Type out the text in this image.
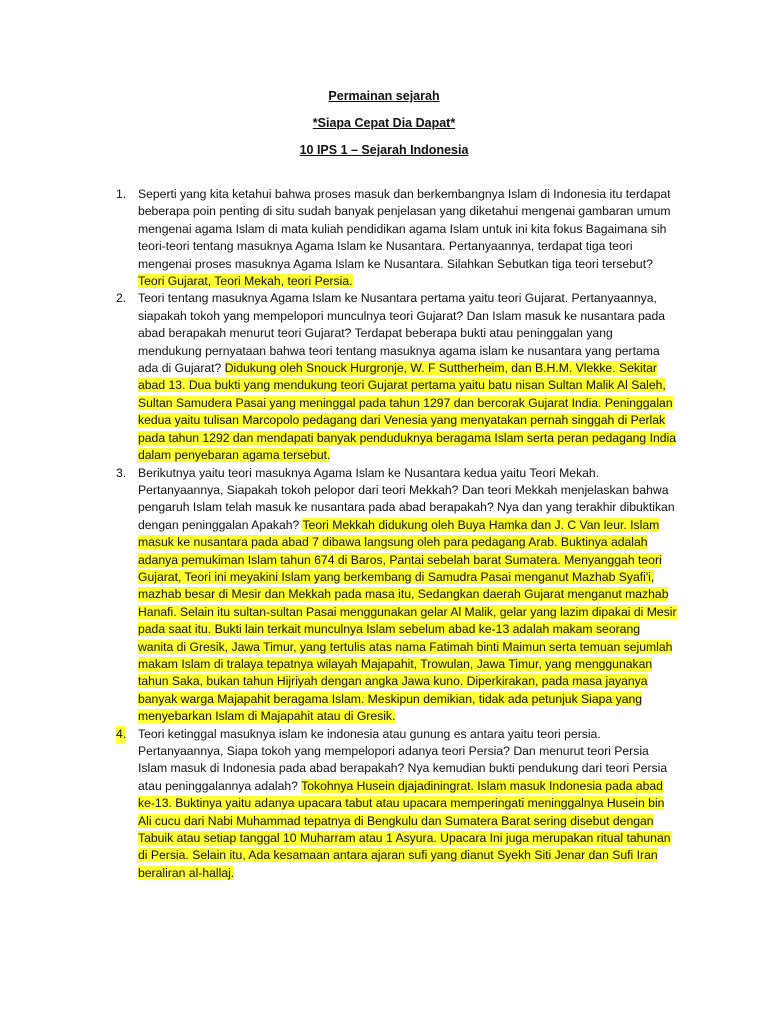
Permainan sejarah

*Siapa Cepat Dia Dapat*

10 IPS 1 – Sejarah Indonesia

1. Seperti yang kita ketahui bahwa proses masuk dan berkembangnya Islam di Indonesia itu terdapat beberapa poin penting di situ sudah banyak penjelasan yang diketahui mengenai gambaran umum mengenai agama Islam di mata kuliah pendidikan agama Islam untuk ini kita fokus Bagaimana sih teori-teori tentang masuknya Agama Islam ke Nusantara. Pertanyaannya, terdapat tiga teori mengenai proses masuknya Agama Islam ke Nusantara. Silahkan Sebutkan tiga teori tersebut? Teori Gujarat, Teori Mekah, teori Persia.
2. Teori tentang masuknya Agama Islam ke Nusantara pertama yaitu teori Gujarat. Pertanyaannya, siapakah tokoh yang mempelopori munculnya teori Gujarat? Dan Islam masuk ke nusantara pada abad berapakah menurut teori Gujarat? Terdapat beberapa bukti atau peninggalan yang mendukung pernyataan bahwa teori tentang masuknya agama islam ke nusantara yang pertama ada di Gujarat? Didukung oleh Snouck Hurgronje, W. F Suttherheim, dan B.H.M. Vlekke. Sekitar abad 13. Dua bukti yang mendukung teori Gujarat pertama yaitu batu nisan Sultan Malik Al Saleh, Sultan Samudera Pasai yang meninggal pada tahun 1297 dan bercorak Gujarat India. Peninggalan kedua yaitu tulisan Marcopolo pedagang dari Venesia yang menyatakan pernah singgah di Perlak pada tahun 1292 dan mendapati banyak penduduknya beragama Islam serta peran pedagang India dalam penyebaran agama tersebut.
3. Berikutnya yaitu teori masuknya Agama Islam ke Nusantara kedua yaitu Teori Mekah. Pertanyaannya, Siapakah tokoh pelopor dari teori Mekkah? Dan teori Mekkah menjelaskan bahwa pengaruh Islam telah masuk ke nusantara pada abad berapakah? Nya dan yang terakhir dibuktikan dengan peninggalan Apakah? Teori Mekkah didukung oleh Buya Hamka dan J. C Van leur. Islam masuk ke nusantara pada abad 7 dibawa langsung oleh para pedagang Arab. Buktinya adalah adanya pemukiman Islam tahun 674 di Baros, Pantai sebelah barat Sumatera. Menyanggah teori Gujarat, Teori ini meyakini Islam yang berkembang di Samudra Pasai menganut Mazhab Syafi'i, mazhab besar di Mesir dan Mekkah pada masa itu, Sedangkan daerah Gujarat menganut mazhab Hanafi. Selain itu sultan-sultan Pasai menggunakan gelar Al Malik, gelar yang lazim dipakai di Mesir pada saat itu. Bukti lain terkait munculnya Islam sebelum abad ke-13 adalah makam seorang wanita di Gresik, Jawa Timur, yang tertulis atas nama Fatimah binti Maimun serta temuan sejumlah makam Islam di tralaya tepatnya wilayah Majapahit, Trowulan, Jawa Timur, yang menggunakan tahun Saka, bukan tahun Hijriyah dengan angka Jawa kuno. Diperkirakan, pada masa jayanya banyak warga Majapahit beragama Islam. Meskipun demikian, tidak ada petunjuk Siapa yang menyebarkan Islam di Majapahit atau di Gresik.
4. Teori ketinggal masuknya islam ke indonesia atau gunung es antara yaitu teori persia. Pertanyaannya, Siapa tokoh yang mempelopori adanya teori Persia? Dan menurut teori Persia Islam masuk di Indonesia pada abad berapakah? Nya kemudian bukti pendukung dari teori Persia atau peninggalannya adalah? Tokohnya Husein djajadiningrat. Islam masuk Indonesia pada abad ke-13. Buktinya yaitu adanya upacara tabut atau upacara memperingati meninggalnya Husein bin Ali cucu dari Nabi Muhammad tepatnya di Bengkulu dan Sumatera Barat sering disebut dengan Tabuik atau setiap tanggal 10 Muharram atau 1 Asyura. Upacara Ini juga merupakan ritual tahunan di Persia. Selain itu, Ada kesamaan antara ajaran sufi yang dianut Syekh Siti Jenar dan Sufi Iran beraliran al-hallaj.
